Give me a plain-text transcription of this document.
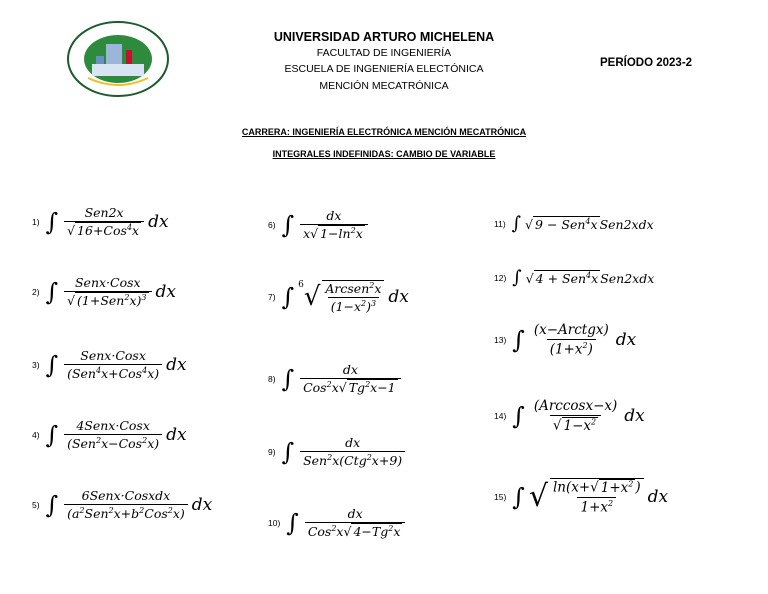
UNIVERSIDAD ARTURO MICHELENA
FACULTAD DE INGENIERÍA
ESCUELA DE INGENIERÍA ELECTÓNICA
MENCIÓN MECATRÓNICA
PERÍODO 2023-2
CARRERA: INGENIERÍA ELECTRÓNICA MENCIÓN MECATRÓNICA
INTEGRALES INDEFINIDAS: CAMBIO DE VARIABLE
1) ∫ $\frac{\text{Sen2x}}{√ 16+Cos^4x}$ dx
2) ∫ $\frac{\text{Senx·Cosx}}{√ (1+Sen^2x)^3}$ dx
3) ∫ $\frac{\text{Senx·Cosx}}{(Sen^4x+Cos^4x)}$ dx
4) ∫ $\frac{\text{4Senx·Cosx}}{(Sen^2x-Cos^2x)}$ dx
5) ∫ $\frac{\text{6Senx·Cosxdx}}{(a^2Sen^2x+b^2Cos^2x)}$ dx
6) ∫ $\frac{dx}{x√ 1-\ln^2x}$
7) ∫ 6 √ $\frac{Arcsen^2x}{(1-x^2)^3}$ dx
8) ∫ $\frac{dx}{Cos^2x√ Tg^2x-1}$
9) ∫ $\frac{dx}{Sen^2x(Ctg^2x+9)}$
10) ∫ $\frac{dx}{Cos^2x√ 4-Tg^2x}$
11) ∫ √ 9 − Sen$^4$x Sen2xdx
12) ∫ √ 4 + Sen$^4$x Sen2xdx
13) ∫ $\frac{\text{(x−Arctgx)}}{(1+x^2)}$ dx
14) ∫ $\frac{\text{(Arccosx−x)}}{√ 1-x^2}$ dx
15) ∫ √ $\frac{\ln(x+√ 1+x^2 )}{1+x^2}$ dx
